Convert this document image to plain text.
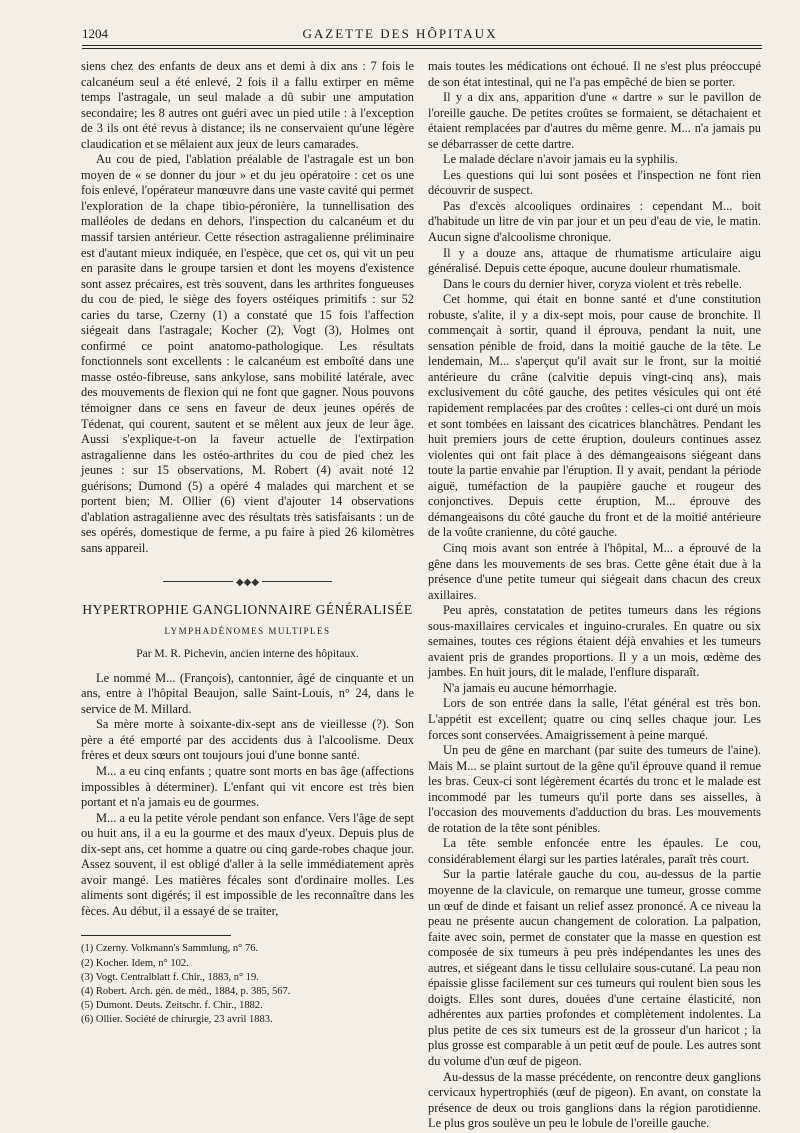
1204	GAZETTE DES HÔPITAUX

siens chez des enfants de deux ans et demi à dix ans : 7 fois le calcanéum seul a été enlevé, 2 fois il a fallu extirper en même temps l'astragale, un seul malade a dû subir une amputation secondaire; les 8 autres ont guéri avec un pied utile : à l'exception de 3 ils ont été revus à distance; ils ne conservaient qu'une légère claudication et se mêlaient aux jeux de leurs camarades.

Au cou de pied, l'ablation préalable de l'astragale est un bon moyen de « se donner du jour » et du jeu opératoire : cet os une fois enlevé, l'opérateur manœuvre dans une vaste cavité qui permet l'exploration de la chape tibio-péronière, la tunnellisation des malléoles de dedans en dehors, l'inspection du calcanéum et du massif tarsien antérieur. Cette résection astragalienne préliminaire est d'autant mieux indiquée, en l'espèce, que cet os, qui vit un peu en parasite dans le groupe tarsien et dont les moyens d'existence sont assez précaires, est très souvent, dans les arthrites fongueuses du cou de pied, le siège des foyers ostéiques primitifs : sur 52 caries du tarse, Czerny (1) a constaté que 15 fois l'affection siégeait dans l'astragale; Kocher (2), Vogt (3), Holmes ont confirmé ce point anatomo-pathologique. Les résultats fonctionnels sont excellents : le calcanéum est emboîté dans une masse ostéo-fibreuse, sans ankylose, sans mobilité latérale, avec des mouvements de flexion qui ne font que gagner. Nous pouvons témoigner dans ce sens en faveur de deux jeunes opérés de Tédenat, qui courent, sautent et se mêlent aux jeux de leur âge. Aussi s'explique-t-on la faveur actuelle de l'extirpation astragalienne dans les ostéo-arthrites du cou de pied chez les jeunes : sur 15 observations, M. Robert (4) avait noté 12 guérisons; Dumond (5) a opéré 4 malades qui marchent et se portent bien; M. Ollier (6) vient d'ajouter 14 observations d'ablation astragalienne avec des résultats très satisfaisants : un de ses opérés, domestique de ferme, a pu faire à pied 26 kilomètres sans appareil.

◆◆◆
HYPERTROPHIE GANGLIONNAIRE GÉNÉRALISÉE
LYMPHADÉNOMES MULTIPLES
Par M. R. Pichevin, ancien interne des hôpitaux.

Le nommé M... (François), cantonnier, âgé de cinquante et un ans, entre à l'hôpital Beaujon, salle Saint-Louis, n° 24, dans le service de M. Millard.

Sa mère morte à soixante-dix-sept ans de vieillesse (?). Son père a été emporté par des accidents dus à l'alcoolisme. Deux frères et deux sœurs ont toujours joui d'une bonne santé.

M... a eu cinq enfants ; quatre sont morts en bas âge (affections impossibles à déterminer). L'enfant qui vit encore est très bien portant et n'a jamais eu de gourmes.

M... a eu la petite vérole pendant son enfance. Vers l'âge de sept ou huit ans, il a eu la gourme et des maux d'yeux. Depuis plus de dix-sept ans, cet homme a quatre ou cinq garde-robes chaque jour. Assez souvent, il est obligé d'aller à la selle immédiatement après avoir mangé. Les matières fécales sont d'ordinaire molles. Les aliments sont digérés; il est impossible de les reconnaître dans les fèces. Au début, il a essayé de se traiter,

(1) Czerny. Volkmann's Sammlung, n° 76.

(2) Kocher. Idem, n° 102.

(3) Vogt. Centralblatt f. Chir., 1883, n° 19.

(4) Robert. Arch. gén. de méd., 1884, p. 385, 567.

(5) Dumont. Deuts. Zeitschr. f. Chir., 1882.

(6) Ollier. Société de chirurgie, 23 avril 1883.

mais toutes les médications ont échoué. Il ne s'est plus préoccupé de son état intestinal, qui ne l'a pas empêché de bien se porter.

Il y a dix ans, apparition d'une « dartre » sur le pavillon de l'oreille gauche. De petites croûtes se formaient, se détachaient et étaient remplacées par d'autres du même genre. M... n'a jamais pu se débarrasser de cette dartre.

Le malade déclare n'avoir jamais eu la syphilis.

Les questions qui lui sont posées et l'inspection ne font rien découvrir de suspect.

Pas d'excès alcooliques ordinaires : cependant M... boit d'habitude un litre de vin par jour et un peu d'eau de vie, le matin. Aucun signe d'alcoolisme chronique.

Il y a douze ans, attaque de rhumatisme articulaire aigu généralisé. Depuis cette époque, aucune douleur rhumatismale.

Dans le cours du dernier hiver, coryza violent et très rebelle.

Cet homme, qui était en bonne santé et d'une constitution robuste, s'alite, il y a dix-sept mois, pour cause de bronchite. Il commençait à sortir, quand il éprouva, pendant la nuit, une sensation pénible de froid, dans la moitié gauche de la tête. Le lendemain, M... s'aperçut qu'il avait sur le front, sur la moitié antérieure du crâne (calvitie depuis vingt-cinq ans), mais exclusivement du côté gauche, des petites vésicules qui ont été rapidement remplacées par des croûtes : celles-ci ont duré un mois et sont tombées en laissant des cicatrices blanchâtres. Pendant les huit premiers jours de cette éruption, douleurs continues assez violentes qui ont fait place à des démangeaisons siégeant dans toute la partie envahie par l'éruption. Il y avait, pendant la période aiguë, tuméfaction de la paupière gauche et rougeur des conjonctives. Depuis cette éruption, M... éprouve des démangeaisons du côté gauche du front et de la moitié antérieure de la voûte cranienne, du côté gauche.

Cinq mois avant son entrée à l'hôpital, M... a éprouvé de la gêne dans les mouvements de ses bras. Cette gêne était due à la présence d'une petite tumeur qui siégeait dans chacun des creux axillaires.

Peu après, constatation de petites tumeurs dans les régions sous-maxillaires cervicales et inguino-crurales. En quatre ou six semaines, toutes ces régions étaient déjà envahies et les tumeurs avaient pris de grandes proportions. Il y a un mois, œdème des jambes. En huit jours, dit le malade, l'enflure disparaît.

N'a jamais eu aucune hémorrhagie.

Lors de son entrée dans la salle, l'état général est très bon. L'appétit est excellent; quatre ou cinq selles chaque jour. Les forces sont conservées. Amaigrissement à peine marqué.

Un peu de gêne en marchant (par suite des tumeurs de l'aine). Mais M... se plaint surtout de la gêne qu'il éprouve quand il remue les bras. Ceux-ci sont légèrement écartés du tronc et le malade est incommodé par les tumeurs qu'il porte dans ses aisselles, à l'occasion des mouvements d'adduction du bras. Les mouvements de rotation de la tête sont pénibles.

La tête semble enfoncée entre les épaules. Le cou, considérablement élargi sur les parties latérales, paraît très court.

Sur la partie latérale gauche du cou, au-dessus de la partie moyenne de la clavicule, on remarque une tumeur, grosse comme un œuf de dinde et faisant un relief assez prononcé. A ce niveau la peau ne présente aucun changement de coloration. La palpation, faite avec soin, permet de constater que la masse en question est composée de six tumeurs à peu près indépendantes les unes des autres, et siégeant dans le tissu cellulaire sous-cutané. La peau non épaissie glisse facilement sur ces tumeurs qui roulent bien sous les doigts. Elles sont dures, douées d'une certaine élasticité, non adhérentes aux parties profondes et complètement indolentes. La plus petite de ces six tumeurs est de la grosseur d'un haricot ; la plus grosse est comparable à un petit œuf de poule. Les autres sont du volume d'un œuf de pigeon.

Au-dessus de la masse précédente, on rencontre deux ganglions cervicaux hypertrophiés (œuf de pigeon). En avant, on constate la présence de deux ou trois ganglions dans la région parotidienne. Le plus gros soulève un peu le lobule de l'oreille gauche.
